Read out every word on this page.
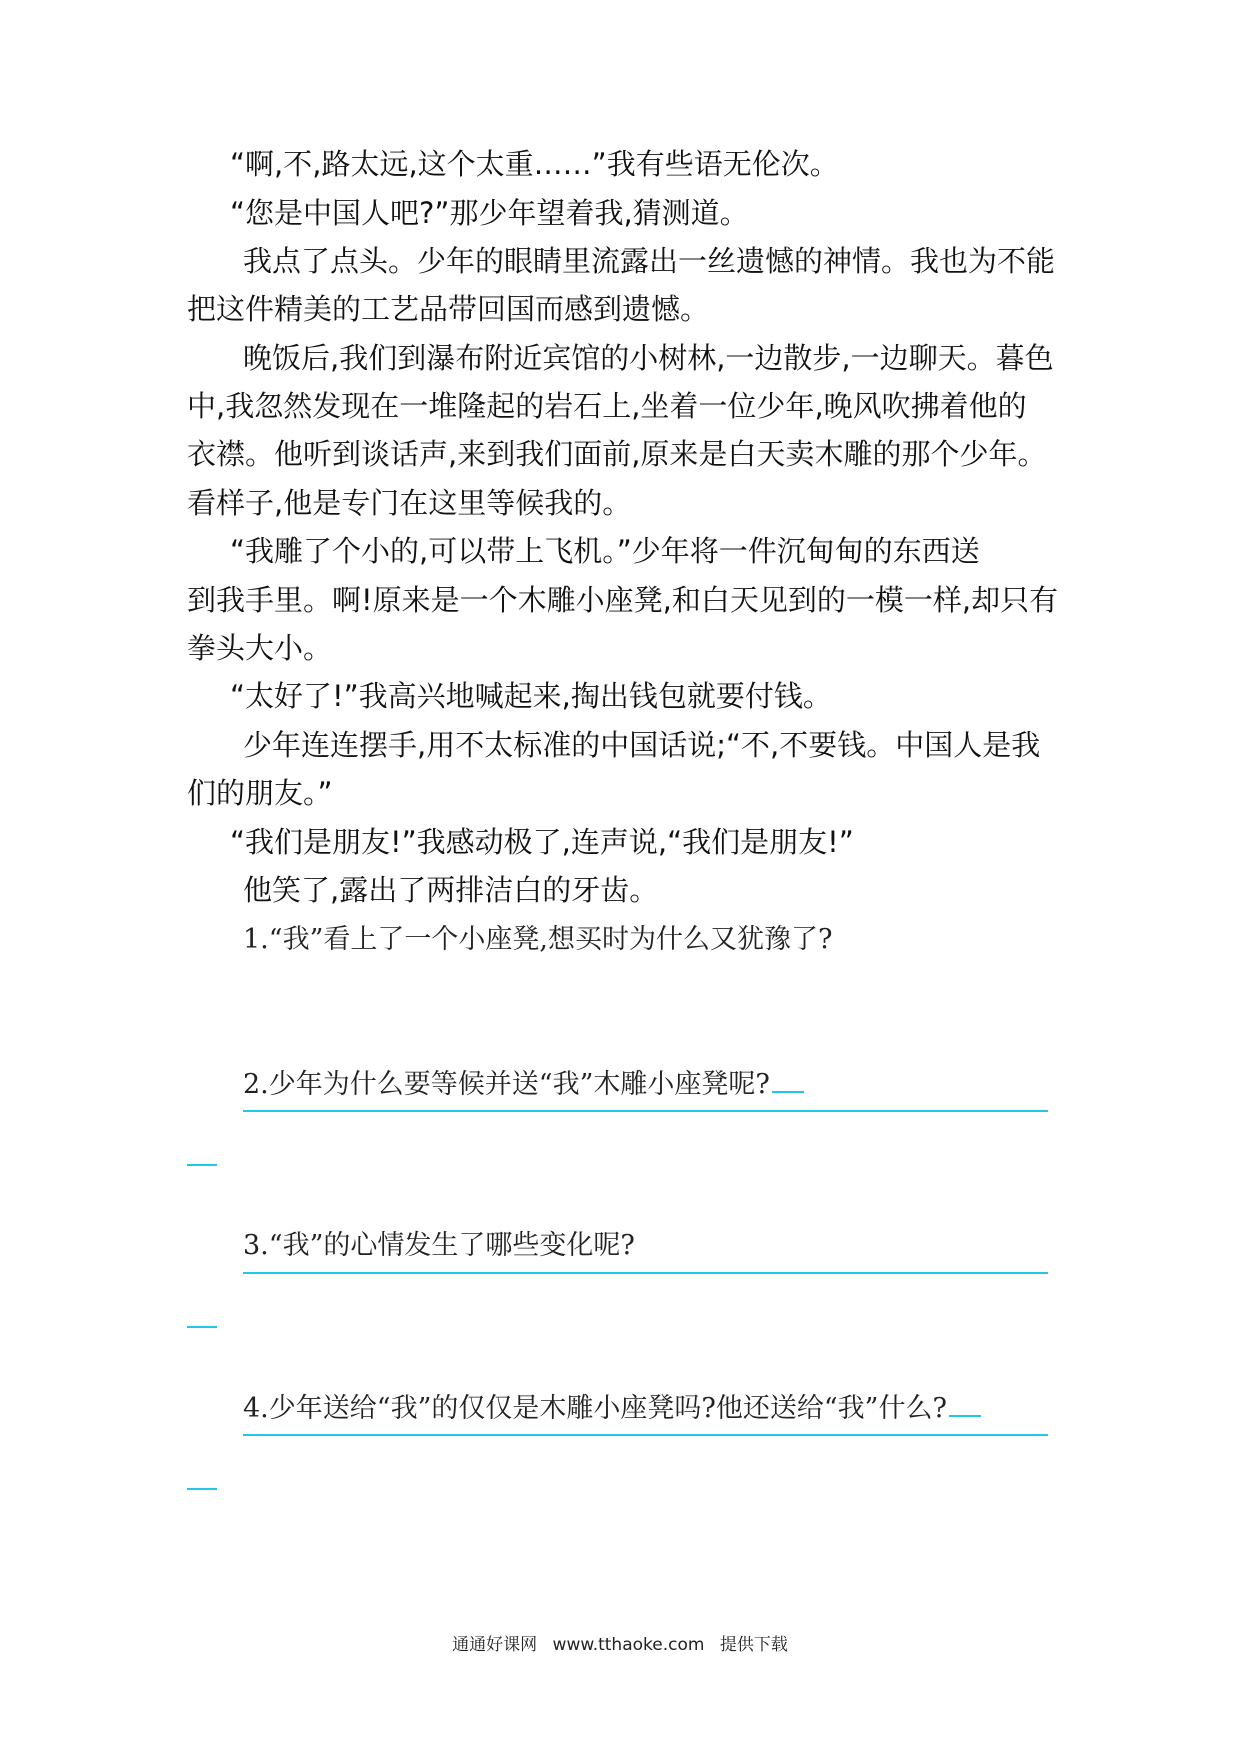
“啊,不,路太远,这个太重……”我有些语无伦次。
“您是中国人吧?”那少年望着我,猜测道。
我点了点头。少年的眼睛里流露出一丝遗憾的神情。我也为不能
把这件精美的工艺品带回国而感到遗憾。
晚饭后,我们到瀑布附近宾馆的小树林,一边散步,一边聊天。暮色
中,我忽然发现在一堆隆起的岩石上,坐着一位少年,晚风吹拂着他的
衣襟。他听到谈话声,来到我们面前,原来是白天卖木雕的那个少年。
看样子,他是专门在这里等候我的。
“我雕了个小的,可以带上飞机。”少年将一件沉甸甸的东西送
到我手里。啊!原来是一个木雕小座凳,和白天见到的一模一样,却只有
拳头大小。
“太好了!”我高兴地喊起来,掏出钱包就要付钱。
少年连连摆手,用不太标准的中国话说;“不,不要钱。中国人是我
们的朋友。”
“我们是朋友!”我感动极了,连声说,“我们是朋友!”
他笑了,露出了两排洁白的牙齿。
1.“我”看上了一个小座凳,想买时为什么又犹豫了?
2.少年为什么要等候并送“我”木雕小座凳呢?
3.“我”的心情发生了哪些变化呢?
4.少年送给“我”的仅仅是木雕小座凳吗?他还送给“我”什么?
通通好课网 www.tthaoke.com 提供下载
